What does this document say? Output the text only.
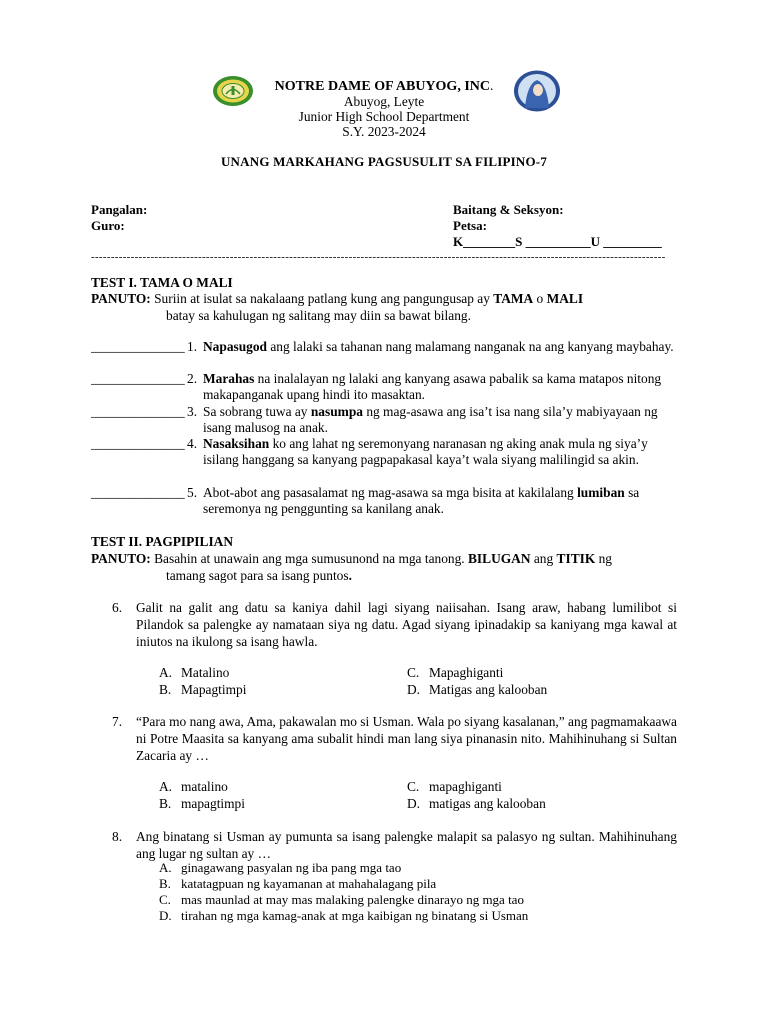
NOTRE DAME OF ABUYOG, INC.
Abuyog, Leyte
Junior High School Department
S.Y. 2023-2024
UNANG MARKAHANG PAGSUSULIT SA FILIPINO-7
Pangalan:
Guro:
Baitang & Seksyon:
Petsa:
K________S __________U _________
-------------------------------------------------------------------------------------------------------------------------------------------------
TEST I. TAMA O MALI
PANUTO: Suriin at isulat sa nakalaang patlang kung ang pangungusap ay TAMA o MALI
batay sa kahulugan ng salitang may diin sa bawat bilang.
______________ 1. Napasugod ang lalaki sa tahanan nang malamang nanganak na ang kanyang maybahay.
______________ 2. Marahas na inalalayan ng lalaki ang kanyang asawa pabalik sa kama matapos nitong makapanganak upang hindi ito masaktan.
______________ 3. Sa sobrang tuwa ay nasumpa ng mag-asawa ang isa’t isa nang sila’y mabiyayaan ng isang malusog na anak.
______________ 4. Nasaksihan ko ang lahat ng seremonyang naranasan ng aking anak mula ng siya’y isilang hanggang sa kanyang pagpapakasal kaya’t wala siyang malilingid sa akin.
______________ 5. Abot-abot ang pasasalamat ng mag-asawa sa mga bisita at kakilalang lumiban sa seremonya ng penggunting sa kanilang anak.
TEST II. PAGPIPILIAN
PANUTO: Basahin at unawain ang mga sumusunond na mga tanong. BILUGAN ang TITIK ng
tamang sagot para sa isang puntos.
6.	Galit na galit ang datu sa kaniya dahil lagi siyang naiisahan. Isang araw, habang lumilibot si Pilandok sa palengke ay namataan siya ng datu. Agad siyang ipinadakip sa kaniyang mga kawal at iniutos na ikulong sa isang hawla.
A. Matalino	C. Mapaghiganti
B. Mapagtimpi	D. Matigas ang kalooban
7.	“Para mo nang awa, Ama, pakawalan mo si Usman. Wala po siyang kasalanan,” ang pagmamakaawa ni Potre Maasita sa kanyang ama subalit hindi man lang siya pinanasin nito. Mahihinuhang si Sultan Zacaria ay …
A. matalino	C. mapaghiganti
B. mapagtimpi	D. matigas ang kalooban
8.	Ang binatang si Usman ay pumunta sa isang palengke malapit sa palasyo ng sultan. Mahihinuhang ang lugar ng sultan ay …
A. ginagawang pasyalan ng iba pang mga tao
B. katatagpuan ng kayamanan at mahahalagang pila
C. mas maunlad at may mas malaking palengke dinarayo ng mga tao
D. tirahan ng mga kamag-anak at mga kaibigan ng binatang si Usman
